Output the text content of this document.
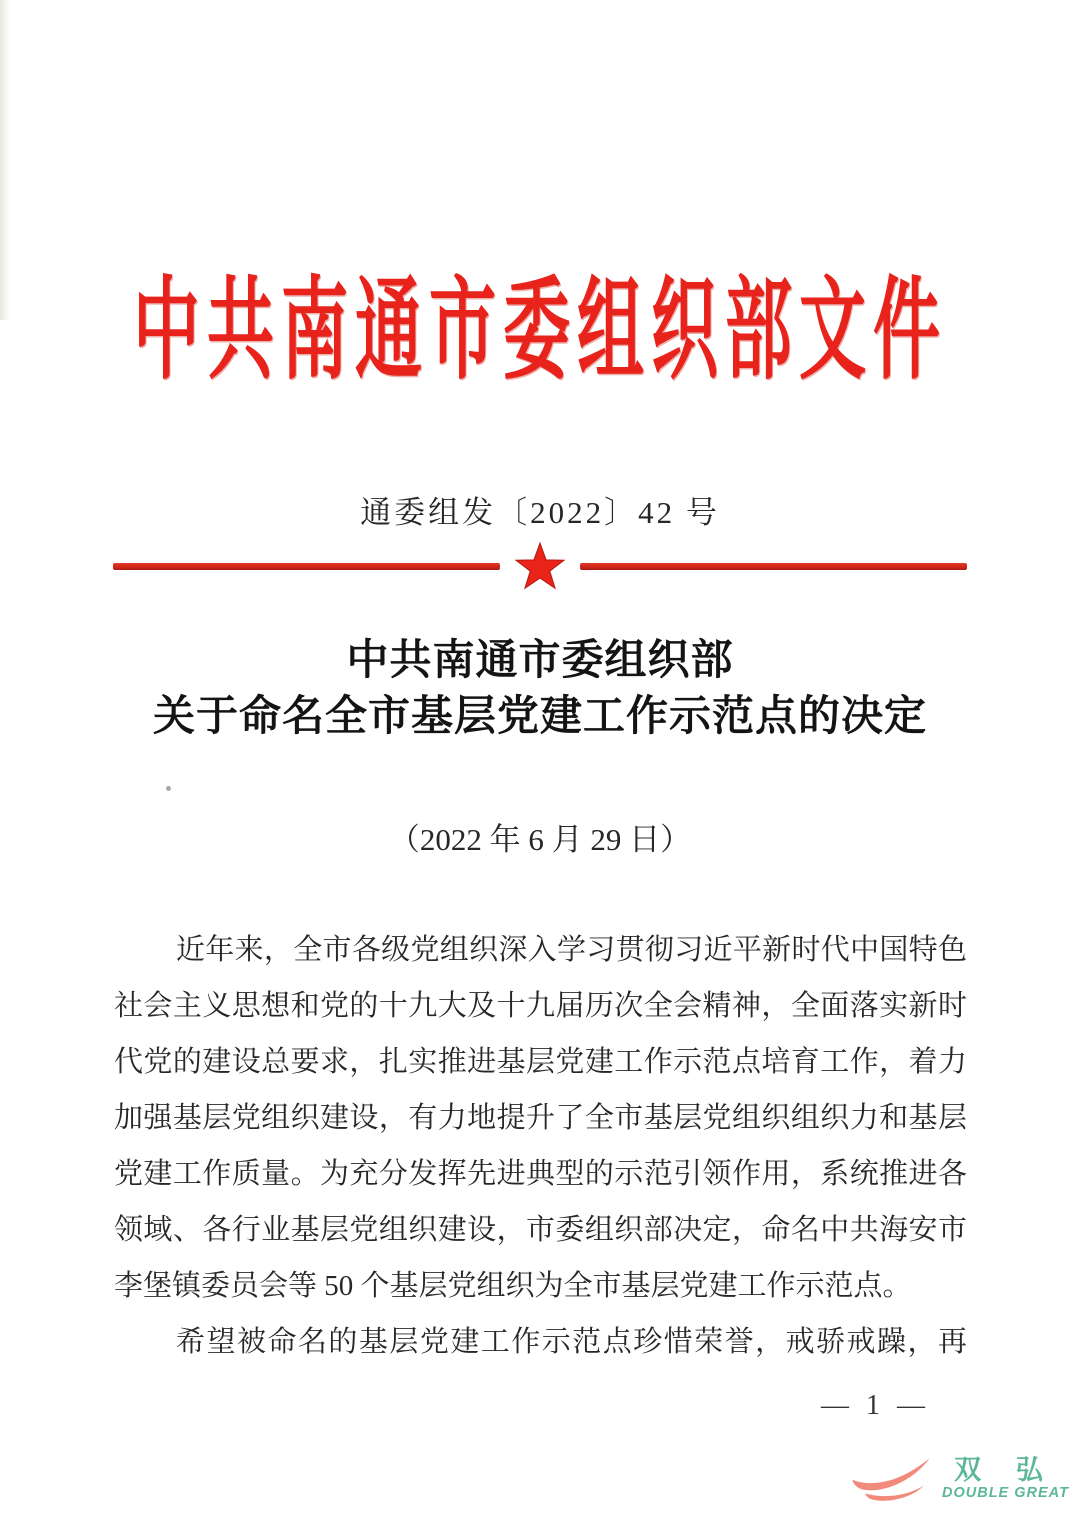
中共南通市委组织部文件
通委组发〔2022〕42 号
中共南通市委组织部
关于命名全市基层党建工作示范点的决定
（2022 年 6 月 29 日）
近年来，全市各级党组织深入学习贯彻习近平新时代中国特色
社会主义思想和党的十九大及十九届历次全会精神，全面落实新时
代党的建设总要求，扎实推进基层党建工作示范点培育工作，着力
加强基层党组织建设，有力地提升了全市基层党组织组织力和基层
党建工作质量。为充分发挥先进典型的示范引领作用，系统推进各
领域、各行业基层党组织建设，市委组织部决定，命名中共海安市
李堡镇委员会等 50 个基层党组织为全市基层党建工作示范点。
希望被命名的基层党建工作示范点珍惜荣誉，戒骄戒躁，再
— 1 —
双 弘
DOUBLE GREAT
